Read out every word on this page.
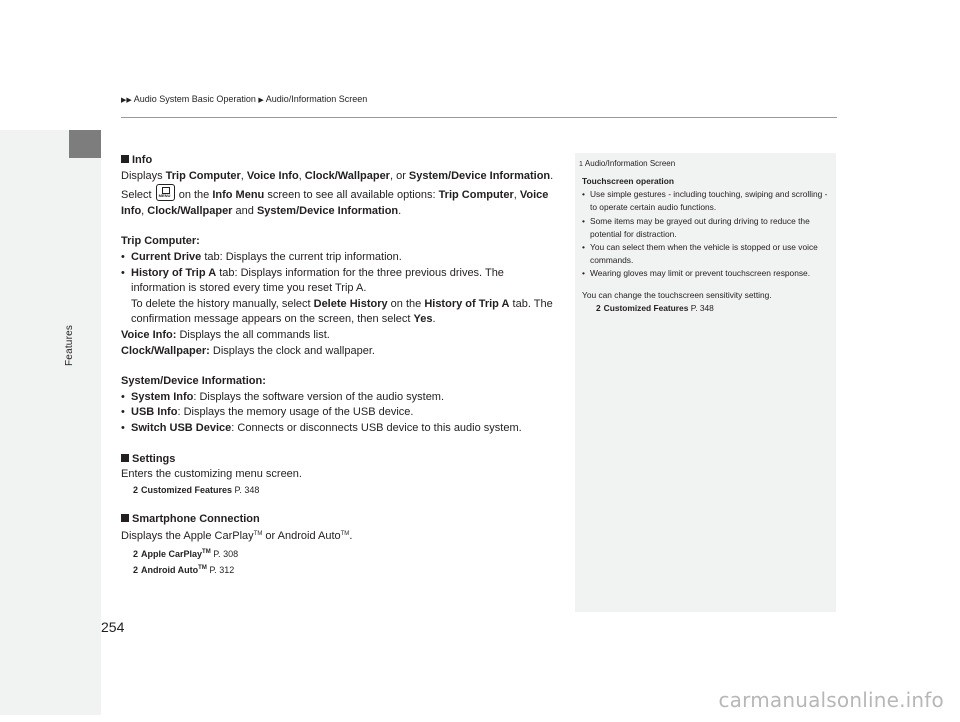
Features
254
▶▶ Audio System Basic Operation ▶ Audio/Information Screen

Info

Displays Trip Computer, Voice Info, Clock/Wallpaper, or System/Device Information. Select MENU on the Info Menu screen to see all available options: Trip Computer, Voice Info, Clock/Wallpaper and System/Device Information.

Trip Computer:

• Current Drive tab: Displays the current trip information.

• History of Trip A tab: Displays information for the three previous drives. The information is stored every time you reset Trip A.

To delete the history manually, select Delete History on the History of Trip A tab. The confirmation message appears on the screen, then select Yes.

Voice Info: Displays the all commands list.

Clock/Wallpaper: Displays the clock and wallpaper.

System/Device Information:

• System Info: Displays the software version of the audio system.

• USB Info: Displays the memory usage of the USB device.

• Switch USB Device: Connects or disconnects USB device to this audio system.

Settings

Enters the customizing menu screen.

2 Customized Features P. 348

Smartphone Connection

Displays the Apple CarPlay™ or Android Auto™.

2 Apple CarPlay™ P. 308

2 Android Auto™ P. 312

1 Audio/Information Screen

Touchscreen operation

• Use simple gestures - including touching, swiping and scrolling - to operate certain audio functions.

• Some items may be grayed out during driving to reduce the potential for distraction.

• You can select them when the vehicle is stopped or use voice commands.

• Wearing gloves may limit or prevent touchscreen response.

You can change the touchscreen sensitivity setting.

2 Customized Features P. 348

carmanualsonline.info
